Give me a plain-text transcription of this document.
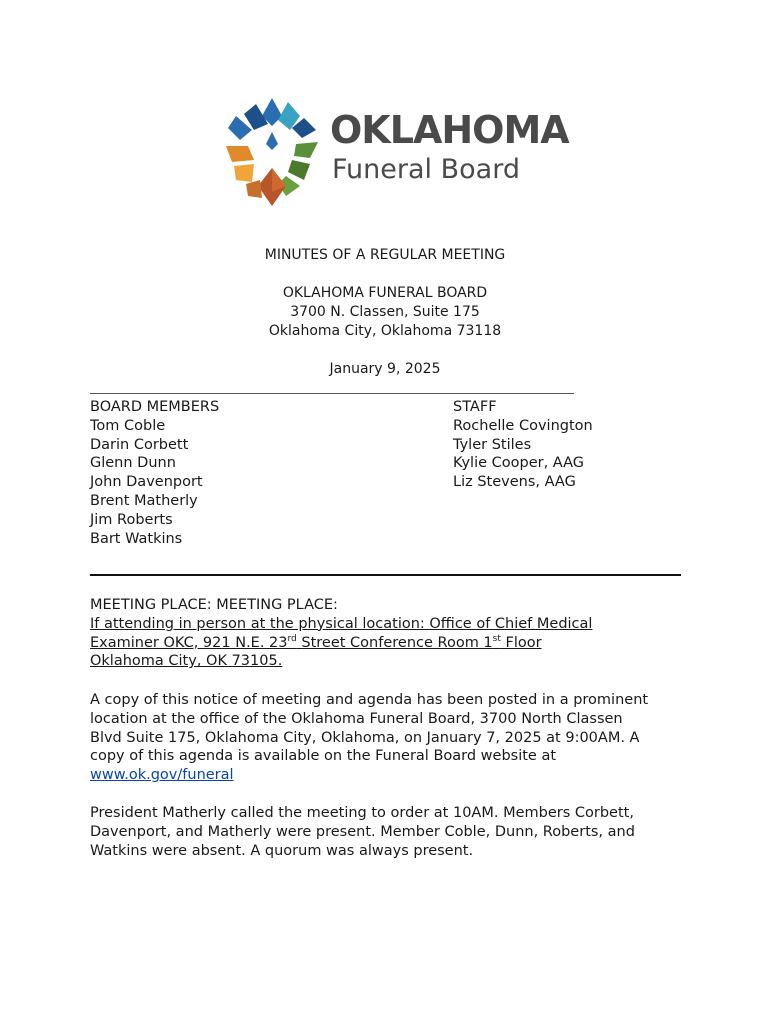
OKLAHOMA
Funeral Board
MINUTES OF A REGULAR MEETING
OKLAHOMA FUNERAL BOARD
3700 N. Classen, Suite 175
Oklahoma City, Oklahoma 73118
January 9, 2025
BOARD MEMBERS
Tom Coble
Darin Corbett
Glenn Dunn
John Davenport
Brent Matherly
Jim Roberts
Bart Watkins
STAFF
Rochelle Covington
Tyler Stiles
Kylie Cooper, AAG
Liz Stevens, AAG
MEETING PLACE: MEETING PLACE:
If attending in person at the physical location: Office of Chief Medical
Examiner OKC, 921 N.E. 23rd Street Conference Room 1st Floor
Oklahoma City, OK 73105.
A copy of this notice of meeting and agenda has been posted in a prominent
location at the office of the Oklahoma Funeral Board, 3700 North Classen
Blvd Suite 175, Oklahoma City, Oklahoma, on January 7, 2025 at 9:00AM. A
copy of this agenda is available on the Funeral Board website at
www.ok.gov/funeral
President Matherly called the meeting to order at 10AM. Members Corbett,
Davenport, and Matherly were present. Member Coble, Dunn, Roberts, and
Watkins were absent. A quorum was always present.
